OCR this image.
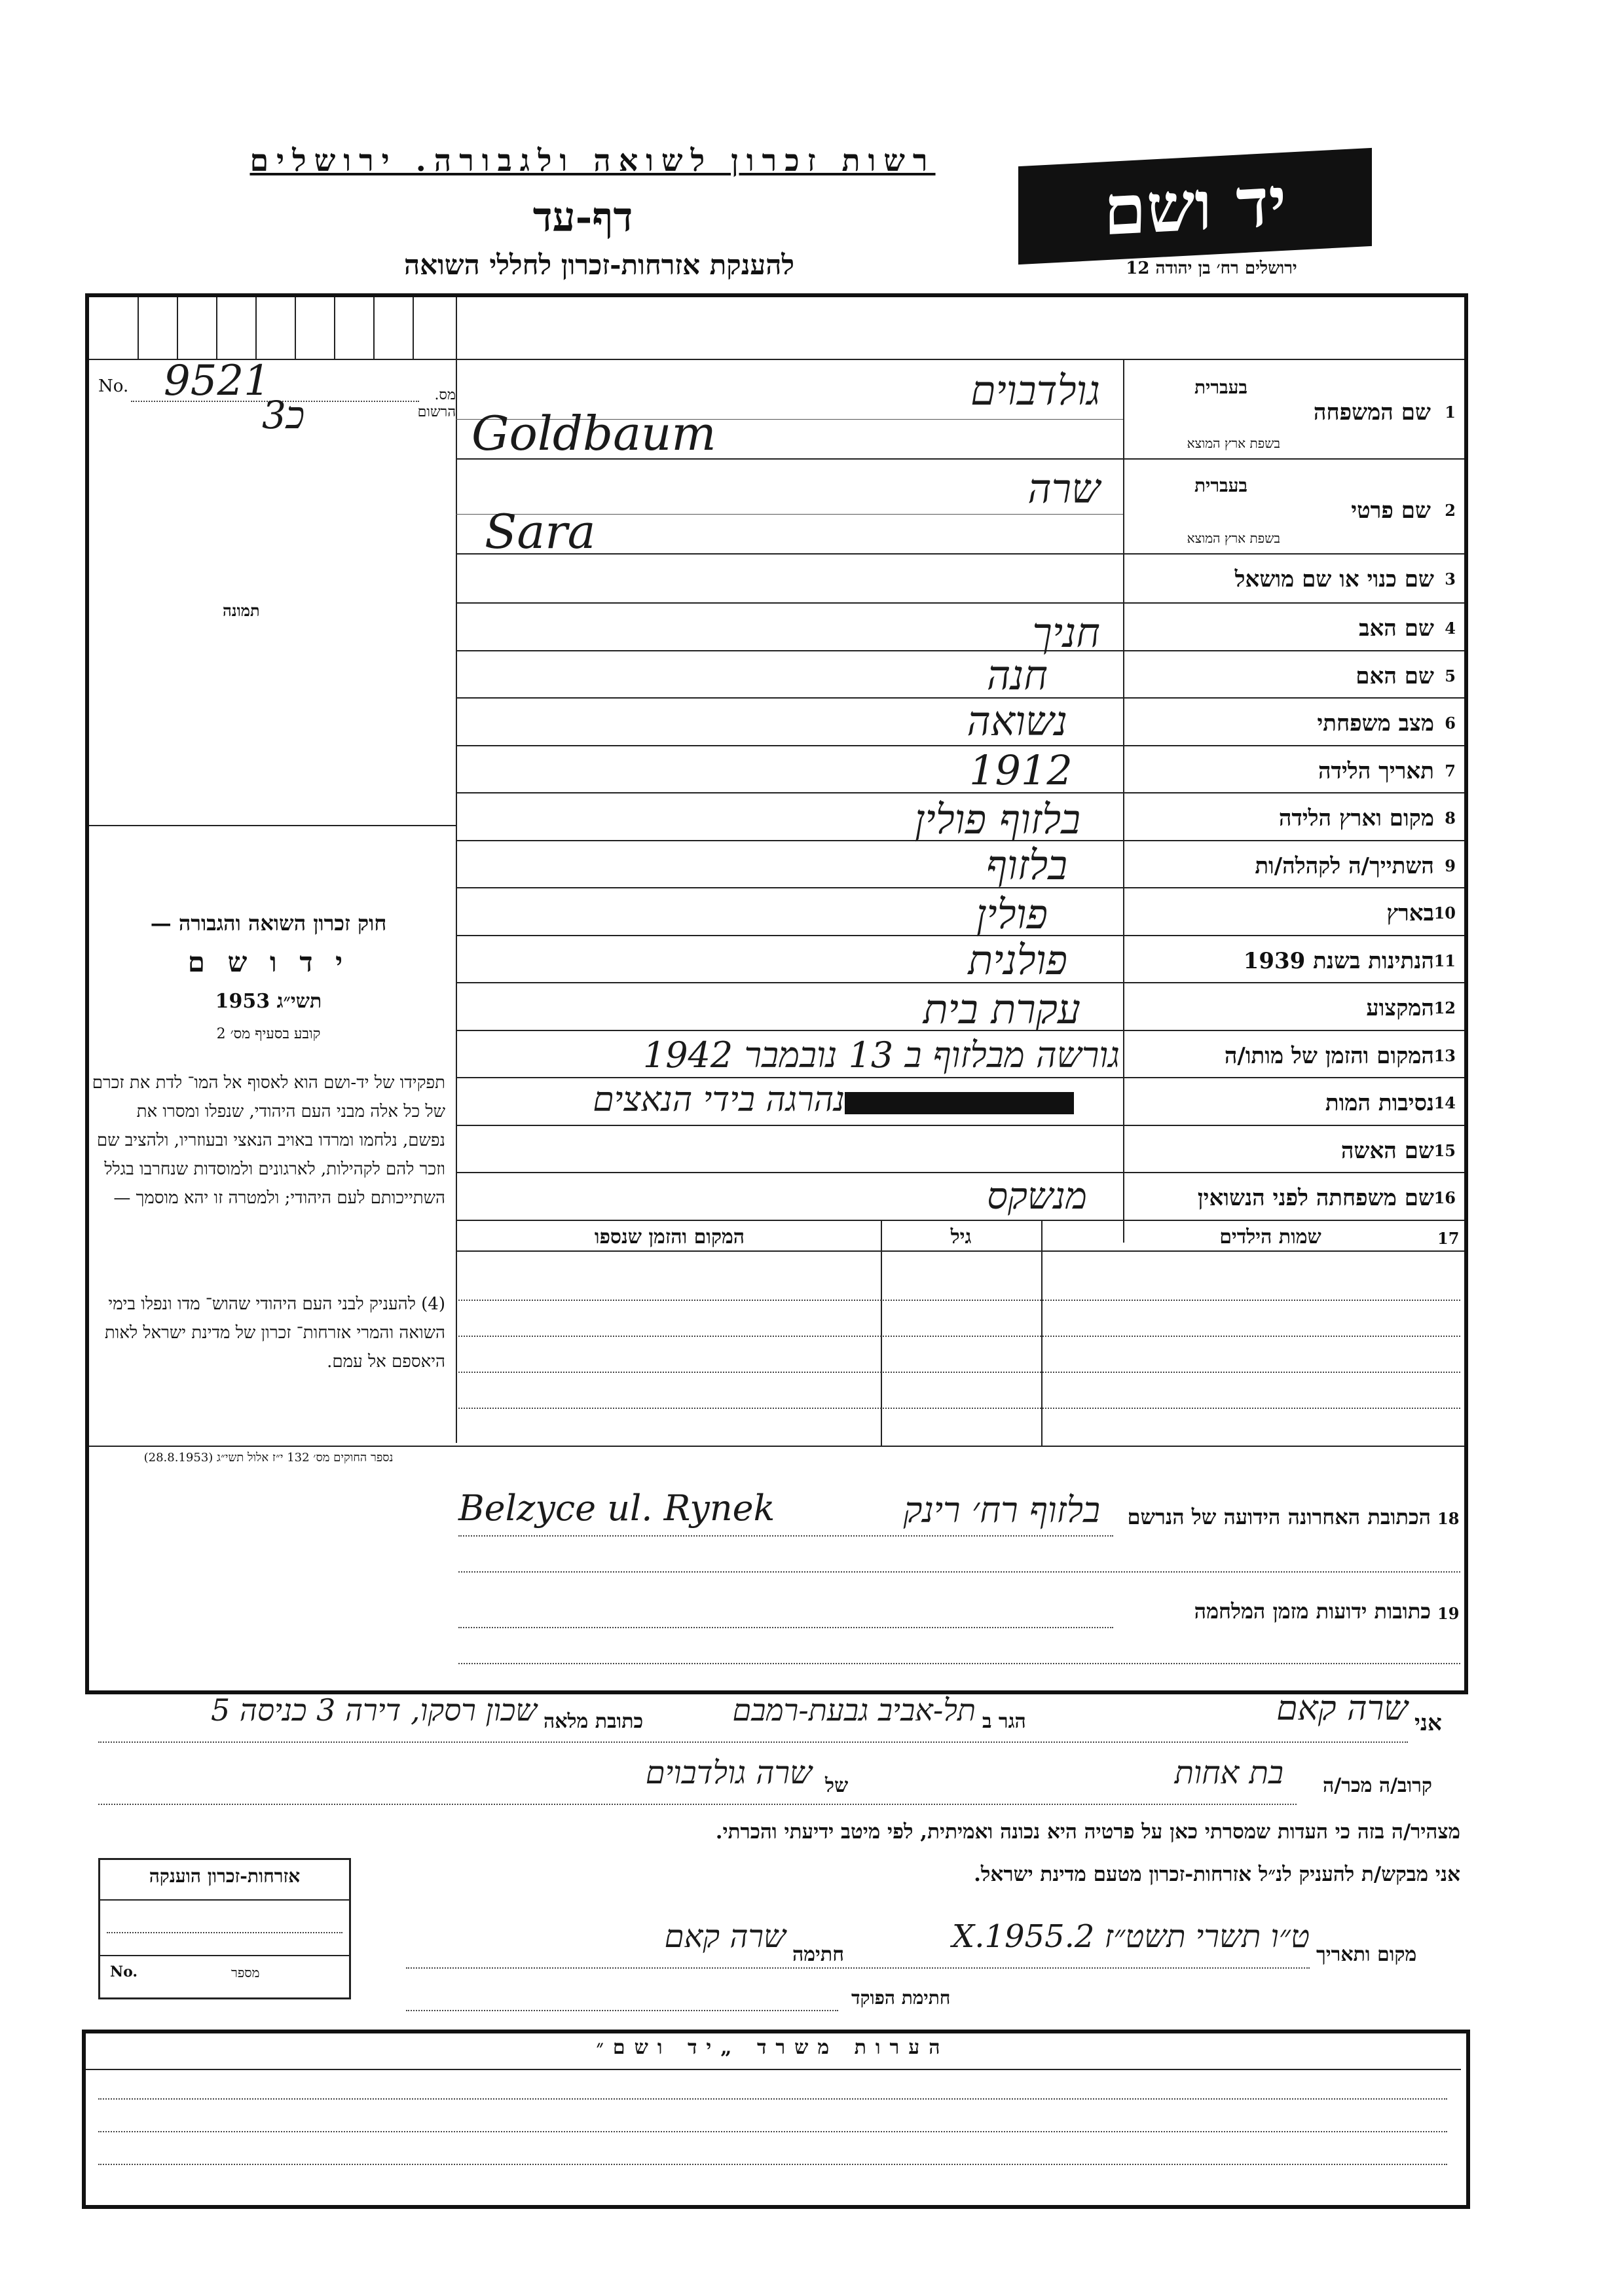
רשות זכרון לשואה ולגבורה. ירושלים
דף-עד
להענקת אזרחות-זכרון לחללי השואה
יד ושם
ירושלים רח׳ בן יהודה 12
No.	מס. הרשום
9521
כ3
תמונה
חוק זכרון השואה והגבורה —
י ד ו ש ם
תשי״ג 1953
קובע בסעיף מס׳ 2
תפקידו של יד-ושם הוא לאסוף אל המו־ לדת את זכרם של כל אלה מבני העם היהודי, שנפלו ומסרו את נפשם, נלחמו ומרדו באויב הנאצי ובעוזריו, ולהציב שם וזכר להם לקהילות, לארגונים ולמוסדות שנחרבו בגלל השתייכותם לעם היהודי; ולמטרה זו יהא מוסמך —
(4) להעניק לבני העם היהודי שהוש־ מדו ונפלו בימי השואה והמרי אזרחות־ זכרון של מדינת ישראל לאות היאספם אל עמם.
נספר החוקים מס׳ 132 י״ז אלול תשי״ג (28.8.1953)
1
שם המשפחה
בעברית
בשפת ארץ המוצא
גולדבוים
Goldbaum
2
שם פרטי
בעברית
בשפת ארץ המוצא
שרה
Sara
3
שם כנוי או שם מושאל
4
שם האב
חניך
5
שם האם
חנה
6
מצב משפחתי
נשואה
7
תאריך הלידה
1912
8
מקום וארץ הלידה
בלזוף פולין
9
השתייך/ה לקהלה/ות
בלזוף
10
בארץ
פולין
11
הנתינות בשנת 1939
פולנית
12
המקצוע
עקרת בית
13
המקום והזמן של מותו/ה
גורשה מבלזוף ב 13 נובמבר 1942
14
נסיבות המות
נהרגה בידי הנאצים
15
שם האשה
16
שם משפחתה לפני הנשואין
מנשקס
17
שמות הילדים
גיל
המקום והזמן שנספו
18
הכתובת האחרונה הידועה של הנרשם
בלזוף רח׳ רינק
Belzyce ul. Rynek
19
כתובות ידועות מזמן המלחמה
אני
שרה קאם
הגר ב
תל-אביב גבעת-רמבם
כתובת מלאה
שכון רסקו, דירה 3 כניסה 5
קרוב/ה מכר/ה
בת אחות
של
שרה גולדבוים
מצהיר/ה בזה כי העדות שמסרתי כאן על פרטיה היא נכונה ואמיתית, לפי מיטב ידיעתי והכרתי.
אני מבקש/ת להעניק לנ״ל אזרחות-זכרון מטעם מדינת ישראל.
מקום ותאריך
ט״ו תשרי תשט״ז 2.X.1955
חתימה
שרה קאם
חתימת הפוקד
אזרחות-זכרון הוענקה
No.	מספר
הערות משרד „יד ושם״
